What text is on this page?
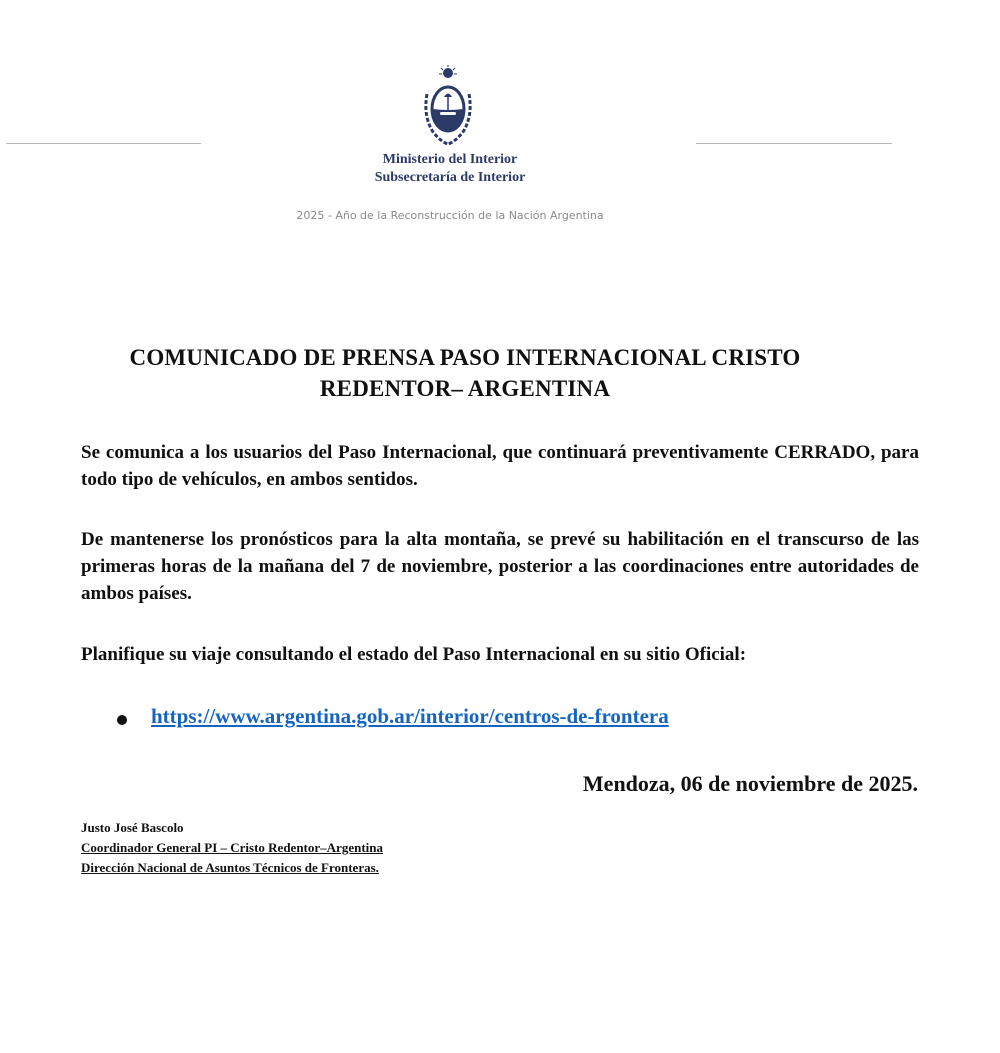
Ministerio del Interior
Subsecretaría de Interior
2025 - Año de la Reconstrucción de la Nación Argentina
COMUNICADO DE PRENSA PASO INTERNACIONAL CRISTO
REDENTOR– ARGENTINA
Se comunica a los usuarios del Paso Internacional, que continuará preventivamente CERRADO, para todo tipo de vehículos, en ambos sentidos.
De mantenerse los pronósticos para la alta montaña, se prevé su habilitación en el transcurso de las primeras horas de la mañana del 7 de noviembre, posterior a las coordinaciones entre autoridades de ambos países.
Planifique su viaje consultando el estado del Paso Internacional en su sitio Oficial:
https://www.argentina.gob.ar/interior/centros-de-frontera
Mendoza, 06 de noviembre de 2025.
Justo José Bascolo
Coordinador General PI – Cristo Redentor–Argentina
Dirección Nacional de Asuntos Técnicos de Fronteras.
